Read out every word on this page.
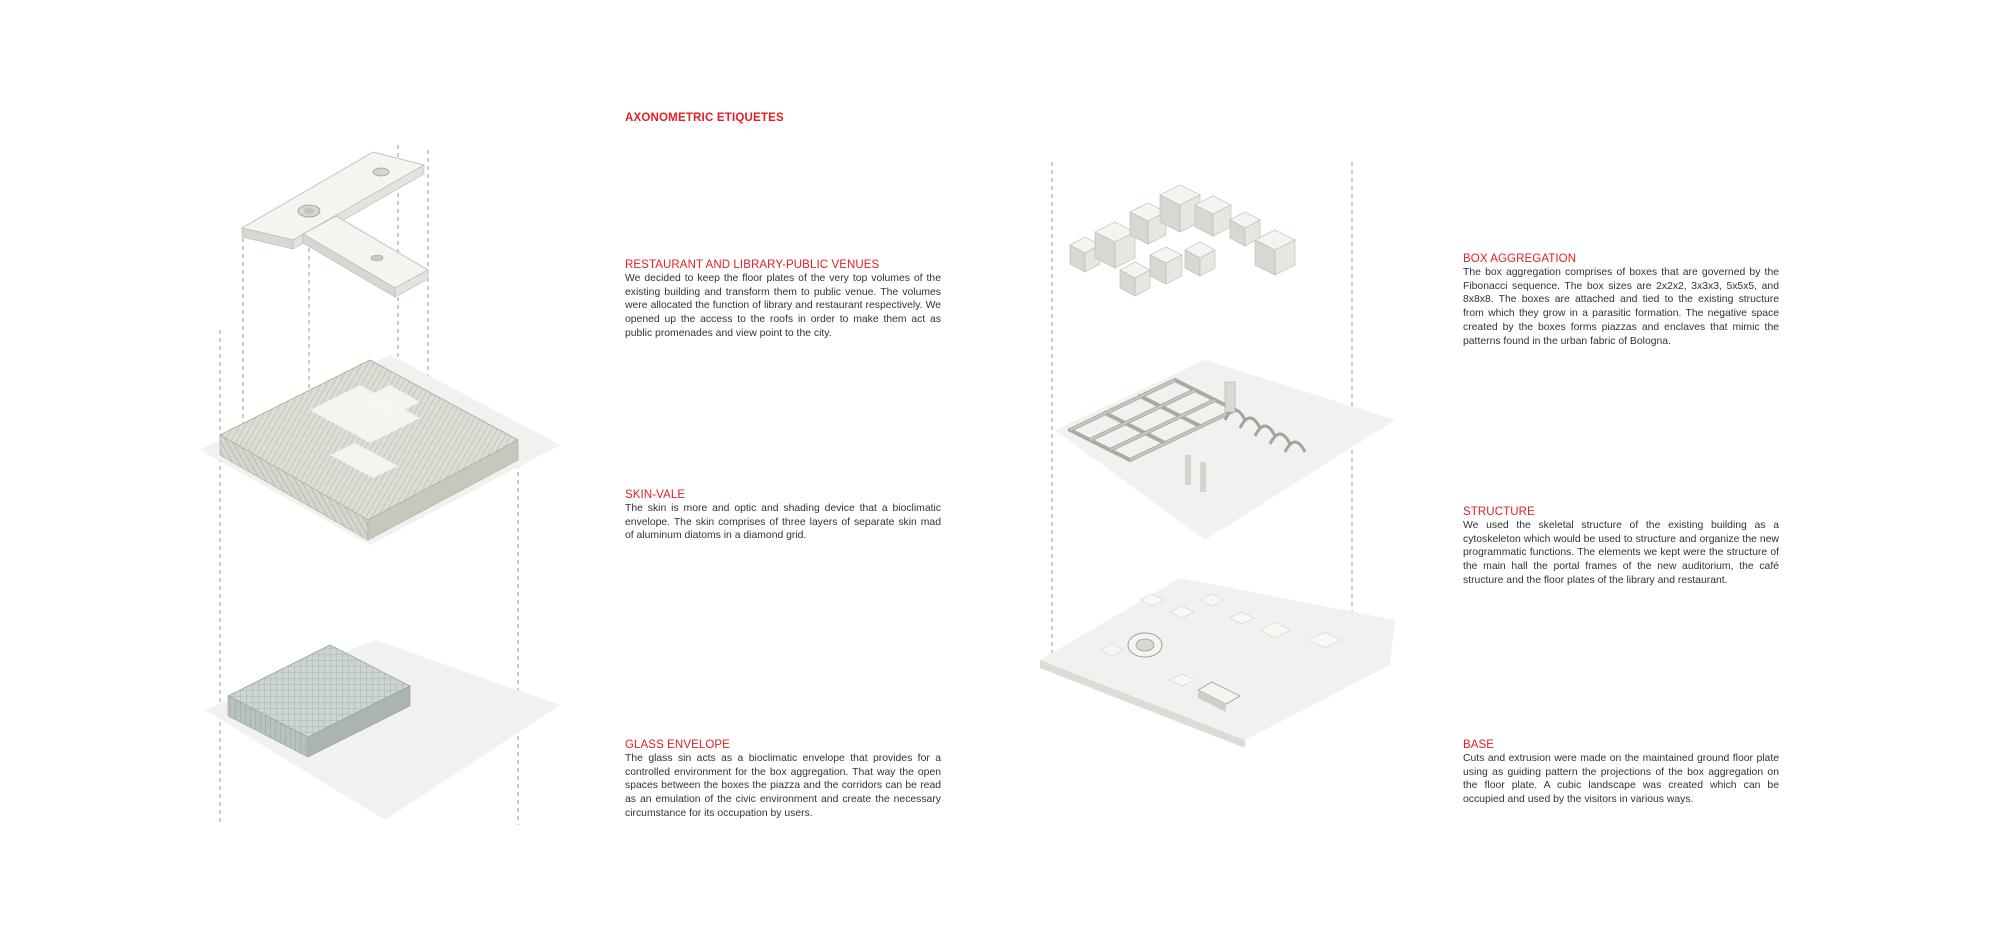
AXONOMETRIC ETIQUETES
RESTAURANT AND LIBRARY-PUBLIC VENUES

We decided to keep the floor plates of the very top volumes of the existing building and transform them to public venue. The volumes were allocated the function of library and restaurant respectively. We opened up the access to the roofs in order to make them act as public promenades and view point to the city.

SKIN-VALE

The skin is more and optic and shading device that a bioclimatic envelope. The skin comprises of three layers of separate skin mad of aluminum diatoms in a diamond grid.

GLASS ENVELOPE

The glass sin acts as a bioclimatic envelope that provides for a controlled environment for the box aggregation. That way the open spaces between the boxes the piazza and the corridors can be read as an emulation of the civic environment and create the necessary circumstance for its occupation by users.

BOX AGGREGATION

The box aggregation comprises of boxes that are governed by the Fibonacci sequence. The box sizes are 2x2x2, 3x3x3, 5x5x5, and 8x8x8. The boxes are attached and tied to the existing structure from which they grow in a parasitic formation. The negative space created by the boxes forms piazzas and enclaves that mimic the patterns found in the urban fabric of Bologna.

STRUCTURE

We used the skeletal structure of the existing building as a cytoskeleton which would be used to structure and organize the new programmatic functions. The elements we kept were the structure of the main hall the portal frames of the new auditorium, the café structure and the floor plates of the library and restaurant.

BASE

Cuts and extrusion were made on the maintained ground floor plate using as guiding pattern the projections of the box aggregation on the floor plate. A cubic landscape was created which can be occupied and used by the visitors in various ways.
